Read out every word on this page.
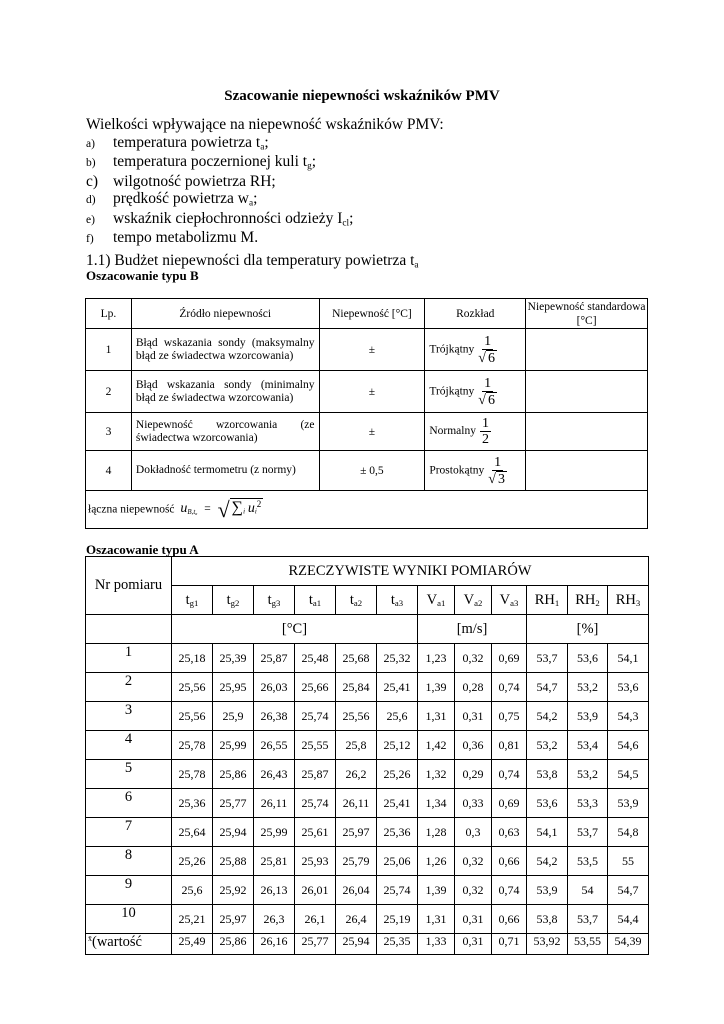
Szacowanie niepewności wskaźników PMV
Wielkości wpływające na niepewność wskaźników PMV:
a) temperatura powietrza $t_a$;
b) temperatura poczernionej kuli $t_g$;
c) wilgotność powietrza RH;
d) prędkość powietrza $w_a$;
e) wskaźnik ciepłochronności odzieży $I_{cl}$;
f) tempo metabolizmu M.
1.1) Budżet niepewności dla temperatury powietrza $t_a$
Oszacowanie typu B
Lp.	Źródło niepewności	Niepewność [°C]	Rozkład	Niepewność standardowa [°C]
1	Błąd wskazania sondy (maksymalny błąd ze świadectwa wzorcowania)	±	Trójkątny $\frac{1}{√ 6}$

2	Błąd wskazania sondy (minimalny błąd ze świadectwa wzorcowania)	±	Trójkątny $\frac{1}{√ 6}$

3	Niepewność wzorcowania (ze świadectwa wzorcowania)	±	Normalny $\frac{1}{2}$

4	Dokładność termometru (z normy)	± 0,5	Prostokątny $\frac{1}{√ 3}$

łączna niepewność $u_{B,t_a}$ = √ $\sum_i$ $u_i^2$
Oszacowanie typu A
Nr pomiaru	RZECZYWISTE WYNIKI POMIARÓW											
	$t_{g1}$	$t_{g2}$	$t_{g3}$	$t_{a1}$	$t_{a2}$	$t_{a3}$	$V_{a1}$	$V_{a2}$	$V_{a3}$	$RH_1$	$RH_2$	$RH_3$
	[°C]						[m/s]			[%]		
1	25,18	25,39	25,87	25,48	25,68	25,32	1,23	0,32	0,69	53,7	53,6	54,1
2	25,56	25,95	26,03	25,66	25,84	25,41	1,39	0,28	0,74	54,7	53,2	53,6
3	25,56	25,9	26,38	25,74	25,56	25,6	1,31	0,31	0,75	54,2	53,9	54,3
4	25,78	25,99	26,55	25,55	25,8	25,12	1,42	0,36	0,81	53,2	53,4	54,6
5	25,78	25,86	26,43	25,87	26,2	25,26	1,32	0,29	0,74	53,8	53,2	54,5
6	25,36	25,77	26,11	25,74	26,11	25,41	1,34	0,33	0,69	53,6	53,3	53,9
7	25,64	25,94	25,99	25,61	25,97	25,36	1,28	0,3	0,63	54,1	53,7	54,8
8	25,26	25,88	25,81	25,93	25,79	25,06	1,26	0,32	0,66	54,2	53,5	55
9	25,6	25,92	26,13	26,01	26,04	25,74	1,39	0,32	0,74	53,9	54	54,7
10	25,21	25,97	26,3	26,1	26,4	25,19	1,31	0,31	0,66	53,8	53,7	54,4
$^{x̄}$(wartość	25,49	25,86	26,16	25,77	25,94	25,35	1,33	0,31	0,71	53,92	53,55	54,39
